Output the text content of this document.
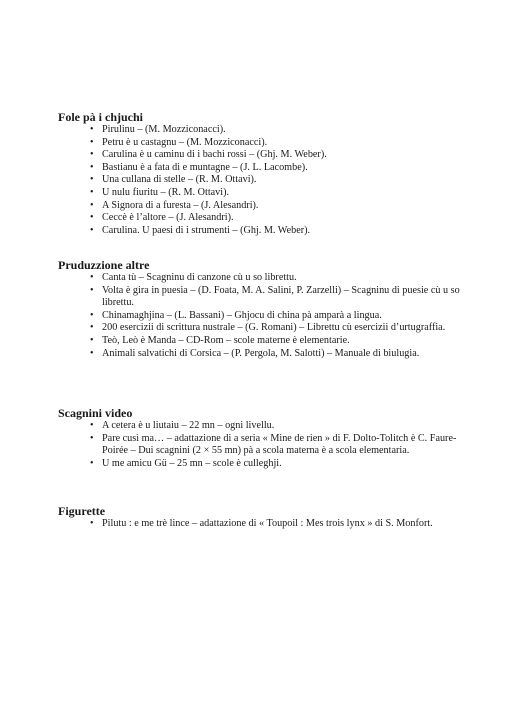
Fole pà i chjuchi
• Pirulinu – (M. Mozziconacci).
• Petru è u castagnu – (M. Mozziconacci).
• Carulina è u caminu di i bachi rossi – (Ghj. M. Weber).
• Bastianu è a fata di e muntagne – (J. L. Lacombe).
• Una cullana di stelle – (R. M. Ottavi).
• U nulu fiuritu – (R. M. Ottavi).
• A Signora di a furesta – (J. Alesandri).
• Ceccè è l’altore – (J. Alesandri).
• Carulina. U paesi di i strumenti – (Ghj. M. Weber).
Pruduzzione altre
• Canta tù – Scagninu di canzone cù u so librettu.
• Volta è gira in puesia – (D. Foata, M. A. Salini, P. Zarzelli) – Scagninu di puesie cù u so librettu.
• Chinamaghjina – (L. Bassani) – Ghjocu di china pà amparà a lingua.
• 200 esercizii di scrittura nustrale – (G. Romani) – Librettu cù esercizii d’urtugraffia.
• Teò, Leò è Manda – CD-Rom – scole materne è elementarie.
• Animali salvatichi di Corsica – (P. Pergola, M. Salotti) – Manuale di biulugia.
Scagnini video
• A cetera è u liutaiu – 22 mn – ogni livellu.
• Pare cusì ma… – adattazione di a seria « Mine de rien » di F. Dolto-Tolitch è C. Faure-Poirée – Dui scagnini (2 × 55 mn) pà a scola materna è a scola elementaria.
• U me amicu Gü – 25 mn – scole è culleghji.
Figurette
• Pilutu : e me trè lince – adattazione di « Toupoil : Mes trois lynx » di S. Monfort.
